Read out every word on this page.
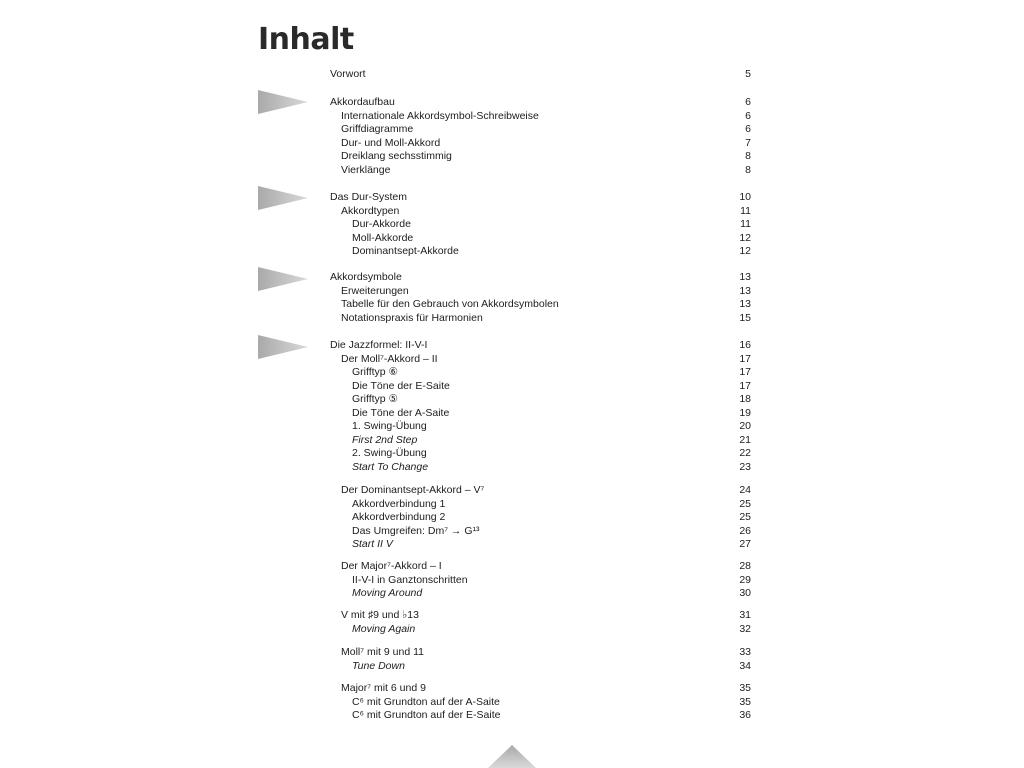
Inhalt
Vorwort	5
Akkordaufbau	6
Internationale Akkordsymbol-Schreibweise	6
Griffdiagramme	6
Dur- und Moll-Akkord	7
Dreiklang sechsstimmig	8
Vierklänge	8
Das Dur-System	10
Akkordtypen	11
Dur-Akkorde	11
Moll-Akkorde	12
Dominantsept-Akkorde	12
Akkordsymbole	13
Erweiterungen	13
Tabelle für den Gebrauch von Akkordsymbolen	13
Notationspraxis für Harmonien	15
Die Jazzformel: II-V-I	16
Der Moll⁷-Akkord – II	17
Grifftyp ⑥	17
Die Töne der E-Saite	17
Grifftyp ⑤	18
Die Töne der A-Saite	19
1. Swing-Übung	20
First 2nd Step	21
2. Swing-Übung	22
Start To Change	23
Der Dominantsept-Akkord – V⁷	24
Akkordverbindung 1	25
Akkordverbindung 2	25
Das Umgreifen: Dm⁷ → G¹³	26
Start II V	27
Der Major⁷-Akkord – I	28
II-V-I in Ganztonschritten	29
Moving Around	30
V mit ♯9 und ♭13	31
Moving Again	32
Moll⁷ mit 9 und 11	33
Tune Down	34
Major⁷ mit 6 und 9	35
C⁶ mit Grundton auf der A-Saite	35
C⁶ mit Grundton auf der E-Saite	36
